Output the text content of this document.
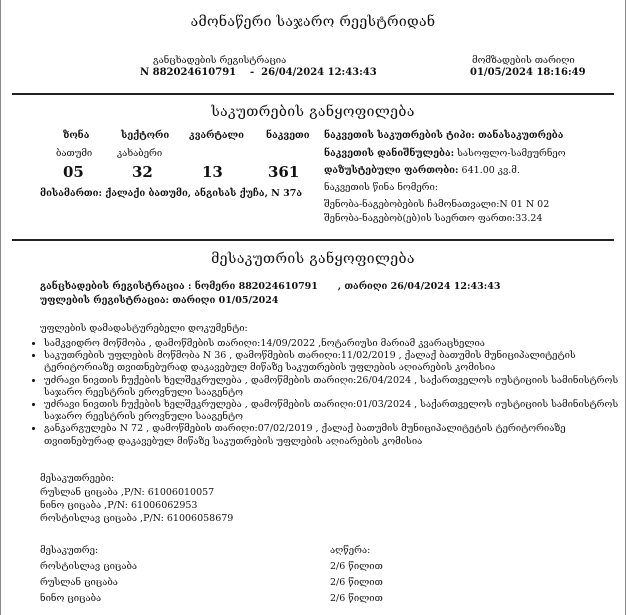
ამონაწერი საჯარო რეესტრიდან
განცხადების რეგისტრაცია
N 882024610791    -  26/04/2024 12:43:43
მომზადების თარიღი
01/05/2024 18:16:49
საკუთრების განყოფილება
ზონა
ბათუმი
05
სექტორი
კახაბერი
32
კვარტალი
13
ნაკვეთი
361
მისამართი: ქალაქი ბათუმი, ანგისას ქუჩა, N 37ა
ნაკვეთის საკუთრების ტიპი: თანასაკუთრება
ნაკვეთის დანიშნულება: სასოფლო-სამეურნეო
დაზუსტებული ფართობი: 641.00 კვ.მ.
ნაკვეთის წინა ნომერი:
შენობა-ნაგებობების ჩამონათვალი:N 01 N 02
შენობა-ნაგებობ(ებ)ის საერთო ფართი:33.24
მესაკუთრის განყოფილება
განცხადების რეგისტრაცია : ნომერი 882024610791      , თარიღი 26/04/2024 12:43:43
უფლების რეგისტრაცია: თარიღი 01/05/2024
უფლების დამადასტურებელი დოკუმენტი:
• სამკვიდრო მოწმობა , დამოწმების თარიღი:14/09/2022 ,ნოტარიუსი მარიამ კვარაცხელია
• საკუთრების უფლების მოწმობა N 36 , დამოწმების თარიღი:11/02/2019 , ქალაქ ბათუმის მუნიციპალიტეტის ტერიტორიაზე თვითნებურად დაკავებულ მიწაზე საკუთრების უფლების აღიარების კომისია
• უძრავი ნივთის ჩუქების ხელშეკრულება , დამოწმების თარიღი:26/04/2024 , საქართველოს იუსტიციის სამინისტროს საჯარო რეესტრის ეროვნული სააგენტო
• უძრავი ნივთის ჩუქების ხელშეკრულება , დამოწმების თარიღი:01/03/2024 , საქართველოს იუსტიციის სამინისტროს საჯარო რეესტრის ეროვნული სააგენტო
• განკარგულება N 72 , დამოწმების თარიღი:07/02/2019 , ქალაქ ბათუმის მუნიციპალიტეტის ტერიტორიაზე თვითნებურად დაკავებულ მიწაზე საკუთრების უფლების აღიარების კომისია
მესაკუთრეები:
რუსლან ციცაბა ,P/N: 61006010057
ნინო ციცაბა ,P/N: 61006062953
როსტისლავ ციცაბა ,P/N: 61006058679
მესაკუთრე:	აღწერა:
როსტისლავ ციცაბა	2/6 წილით
რუსლან ციცაბა	2/6 წილით
ნინო ციცაბა	2/6 წილით
